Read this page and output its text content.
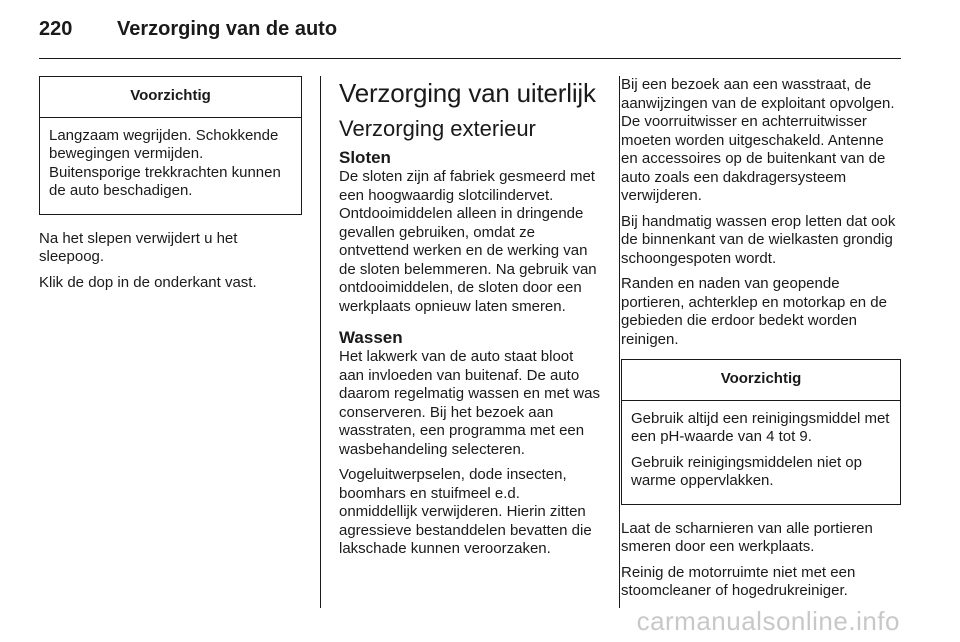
220	Verzorging van de auto
Voorzichtig

Langzaam wegrijden. Schokkende bewegingen vermijden. Buitensporige trekkrachten kunnen de auto beschadigen.

Na het slepen verwijdert u het sleepoog.

Klik de dop in de onderkant vast.

Verzorging van uiterlijk
Verzorging exterieur
Sloten

De sloten zijn af fabriek gesmeerd met een hoogwaardig slotcilindervet. Ontdooimiddelen alleen in dringende gevallen gebruiken, omdat ze ontvettend werken en de werking van de sloten belemmeren. Na gebruik van ontdooimiddelen, de sloten door een werkplaats opnieuw laten smeren.

Wassen

Het lakwerk van de auto staat bloot aan invloeden van buitenaf. De auto daarom regelmatig wassen en met was conserveren. Bij het bezoek aan wasstraten, een programma met een wasbehandeling selecteren.

Vogeluitwerpselen, dode insecten, boomhars en stuifmeel e.d. onmiddellijk verwijderen. Hierin zitten agressieve bestanddelen bevatten die lakschade kunnen veroorzaken.

Bij een bezoek aan een wasstraat, de aanwijzingen van de exploitant opvolgen. De voorruitwisser en achterruitwisser moeten worden uitgeschakeld. Antenne en accessoires op de buitenkant van de auto zoals een dakdragersysteem verwijderen.

Bij handmatig wassen erop letten dat ook de binnenkant van de wielkasten grondig schoongespoten wordt.

Randen en naden van geopende portieren, achterklep en motorkap en de gebieden die erdoor bedekt worden reinigen.

Voorzichtig

Gebruik altijd een reinigingsmiddel met een pH-waarde van 4 tot 9.

Gebruik reinigingsmiddelen niet op warme oppervlakken.

Laat de scharnieren van alle portieren smeren door een werkplaats.

Reinig de motorruimte niet met een stoomcleaner of hogedrukreiniger.

carmanualsonline.info
